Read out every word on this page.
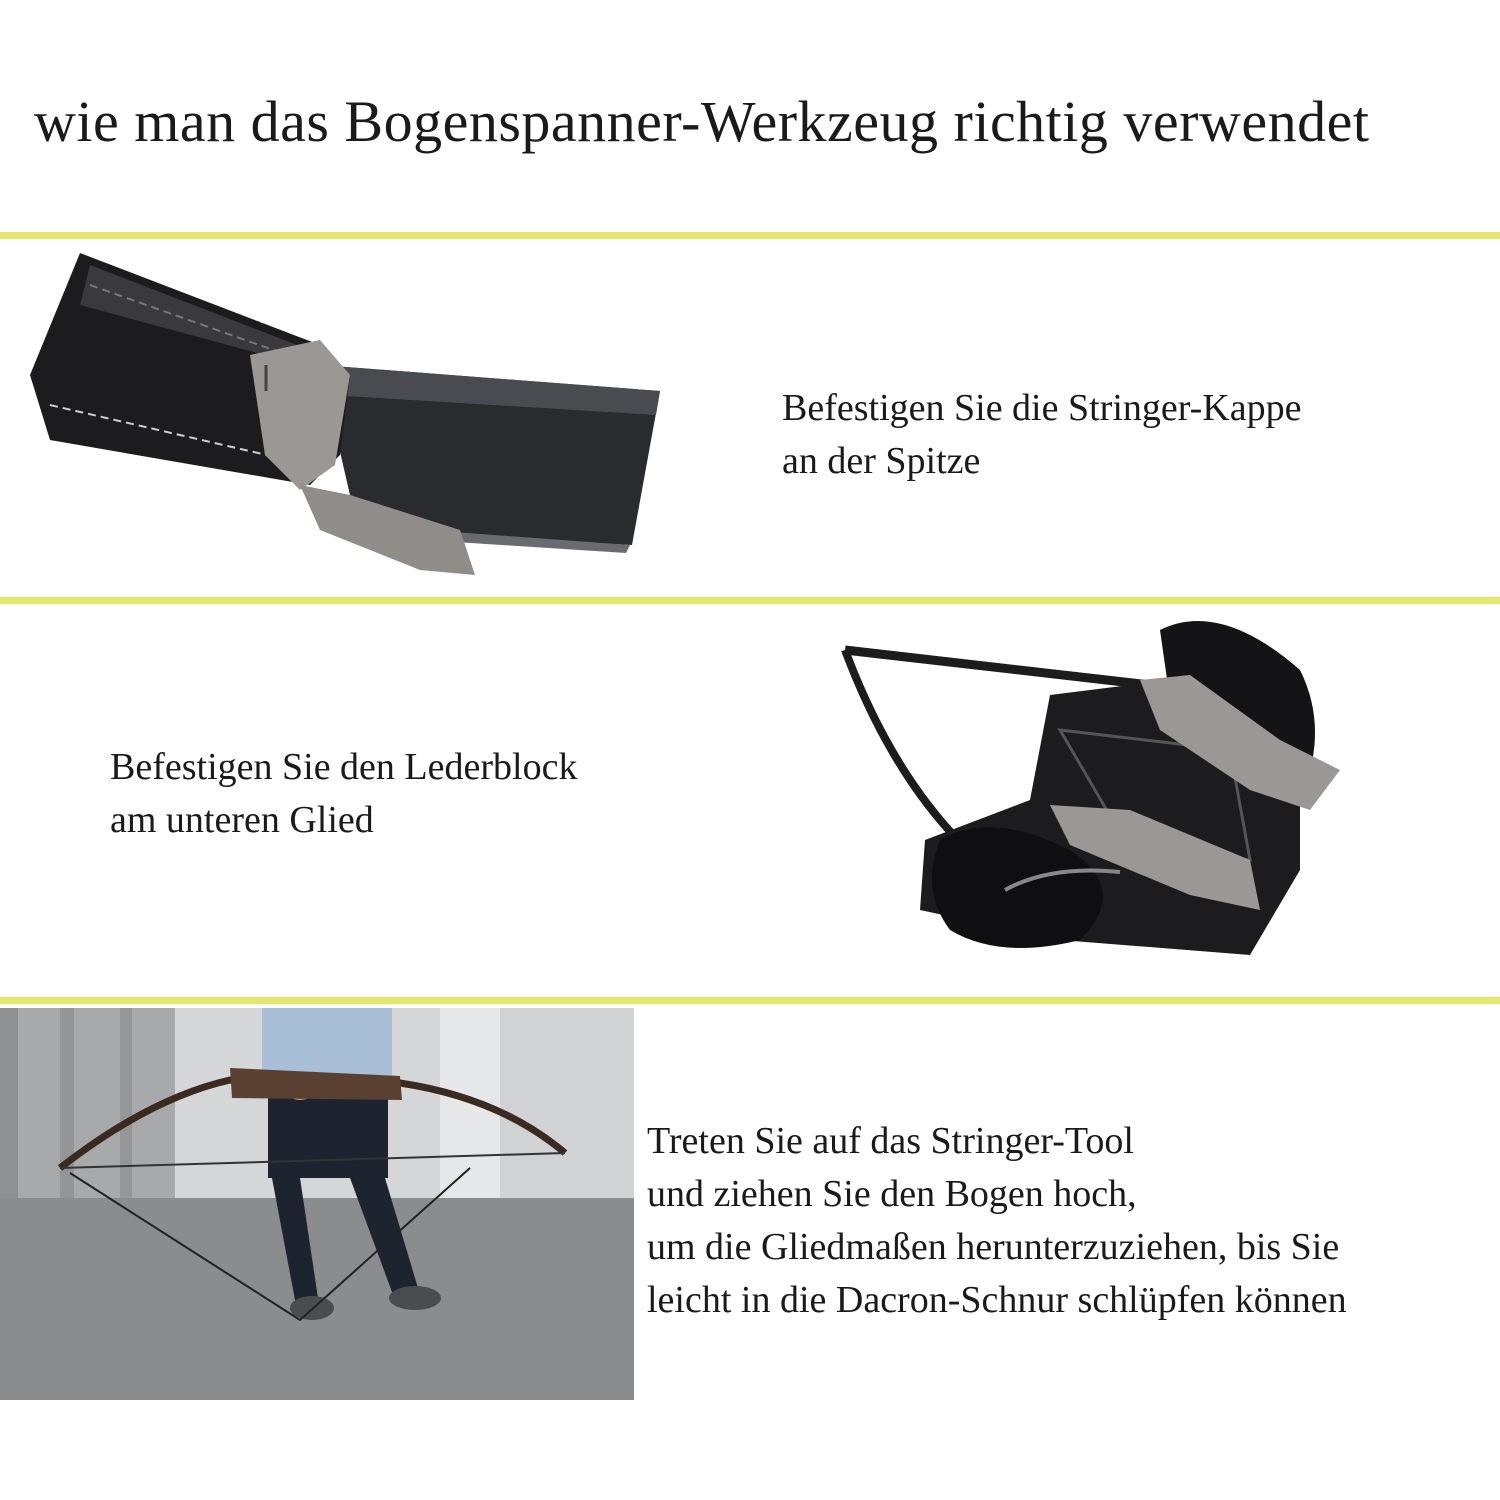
wie man das Bogenspanner-Werkzeug richtig verwendet
Befestigen Sie die Stringer-Kappe
an der Spitze
Befestigen Sie den Lederblock
am unteren Glied
Treten Sie auf das Stringer-Tool
und ziehen Sie den Bogen hoch,
um die Gliedmaßen herunterzuziehen, bis Sie
leicht in die Dacron-Schnur schlüpfen können
